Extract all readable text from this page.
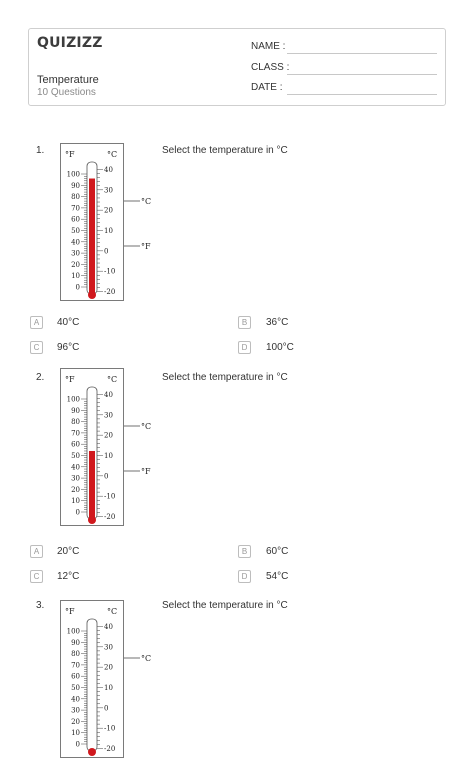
QUIZIZZ
Temperature
10 Questions
NAME :
CLASS :
DATE :
1.	Select the temperature in °C
°F	°C
100
90
80
70
60
50
40
30
20
10
0
40
30
20
10
0
-10
-20
A	40°C	B	36°C
C	96°C	D	100°C
2.	Select the temperature in °C
°F	°C
100
90
80
70
60
50
40
30
20
10
0
40
30
20
10
0
-10
-20
A	20°C	B	60°C
C	12°C	D	54°C
3.	Select the temperature in °C
°F	°C
100
90
80
70
60
50
40
30
20
10
0
40
30
20
10
0
-10
-20
°C
°F
°C
°F
°C
